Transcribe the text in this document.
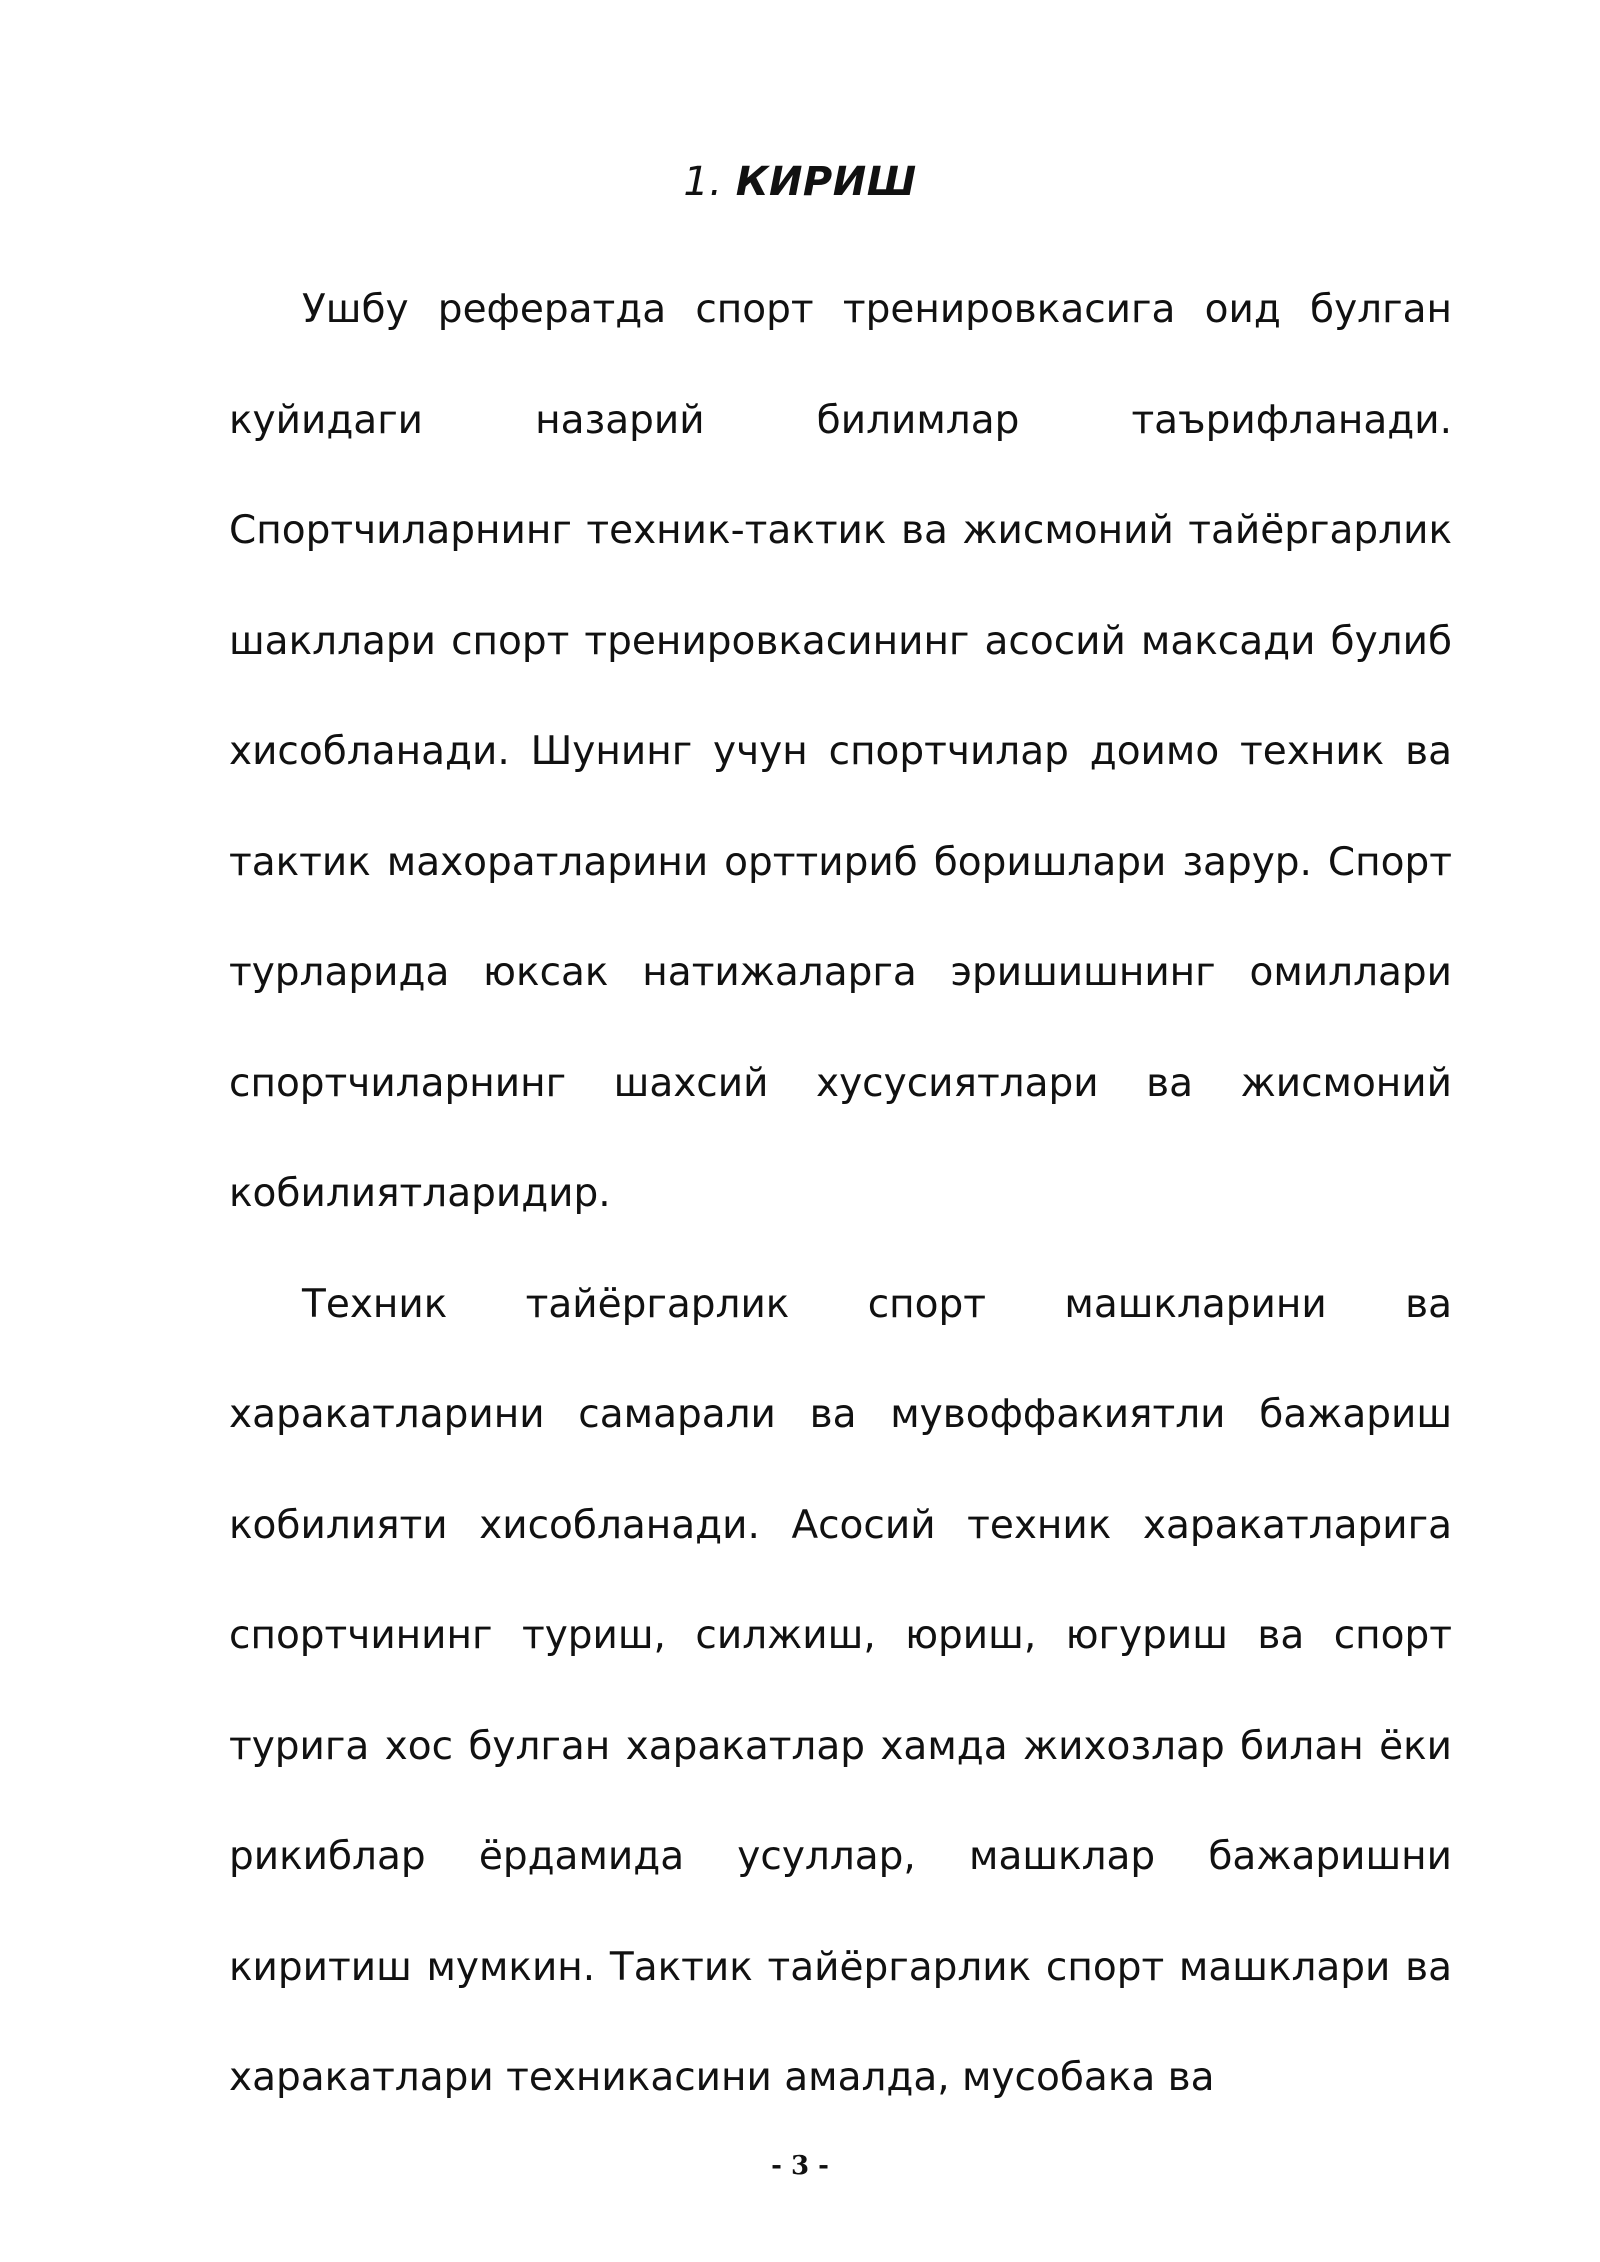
1. КИРИШ

Ушбу рефератда спорт тренировкасига оид булган куйидаги назарий билимлар таърифланади. Спортчиларнинг техник-тактик ва жисмоний тайёргарлик шакллари спорт тренировкасининг асосий максади булиб хисобланади. Шунинг учун спортчилар доимо техник ва тактик махоратларини орттириб боришлари зарур. Спорт турларида юксак натижаларга эришишнинг омиллари спортчиларнинг шахсий хусусиятлари ва жисмоний кобилиятларидир.

Техник тайёргарлик спорт машкларини ва харакатларини самарали ва мувоффакиятли бажариш кобилияти хисобланади. Асосий техник харакатларига спортчининг туриш, силжиш, юриш, югуриш ва спорт турига хос булган харакатлар хамда жихозлар билан ёки рикиблар ёрдамида усуллар, машклар бажаришни киритиш мумкин. Тактик тайёргарлик спорт машклари ва харакатлари техникасини амалда, мусобака ва

- 3 -
